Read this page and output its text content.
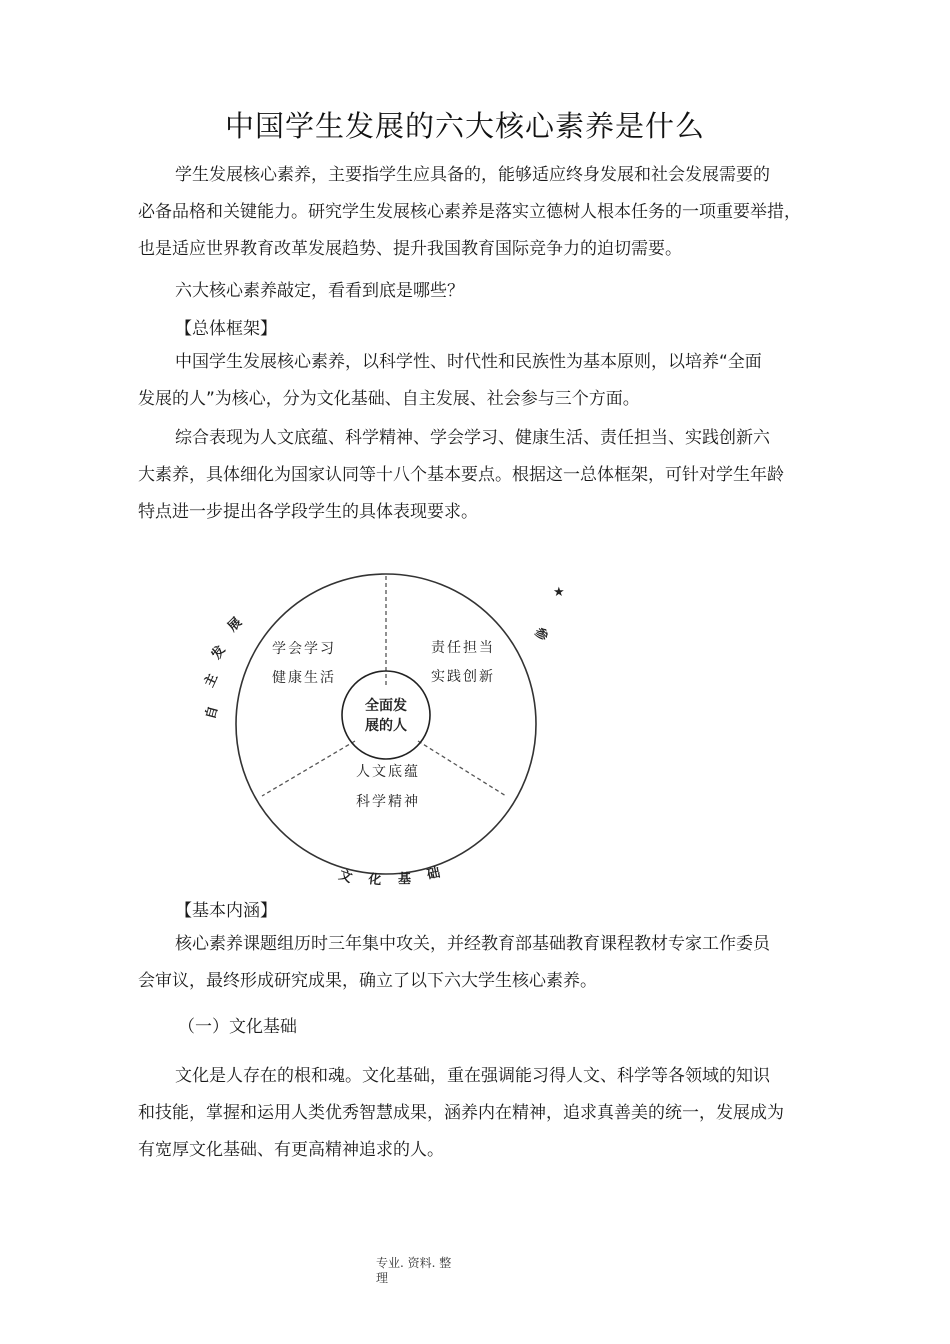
中国学生发展的六大核心素养是什么
学生发展核心素养，主要指学生应具备的，能够适应终身发展和社会发展需要的
必备品格和关键能力。研究学生发展核心素养是落实立德树人根本任务的一项重要举措，
也是适应世界教育改革发展趋势、提升我国教育国际竞争力的迫切需要。

六大核心素养敲定，看看到底是哪些？

【总体框架】

中国学生发展核心素养，以科学性、时代性和民族性为基本原则，以培养“全面
发展的人”为核心，分为文化基础、自主发展、社会参与三个方面。
综合表现为人文底蕴、科学精神、学会学习、健康生活、责任担当、实践创新六
大素养，具体细化为国家认同等十八个基本要点。根据这一总体框架，可针对学生年龄
特点进一步提出各学段学生的具体表现要求。
全面发
展的人
学会学习
健康生活
责任担当
实践创新
人文底蕴
科学精神
自
主
发
展	参
★
文 化 基 础

【基本内涵】

核心素养课题组历时三年集中攻关，并经教育部基础教育课程教材专家工作委员
会审议，最终形成研究成果，确立了以下六大学生核心素养。

（一）文化基础

文化是人存在的根和魂。文化基础，重在强调能习得人文、科学等各领域的知识
和技能，掌握和运用人类优秀智慧成果，涵养内在精神，追求真善美的统一，发展成为
有宽厚文化基础、有更高精神追求的人。
专业. 资料. 整
理
